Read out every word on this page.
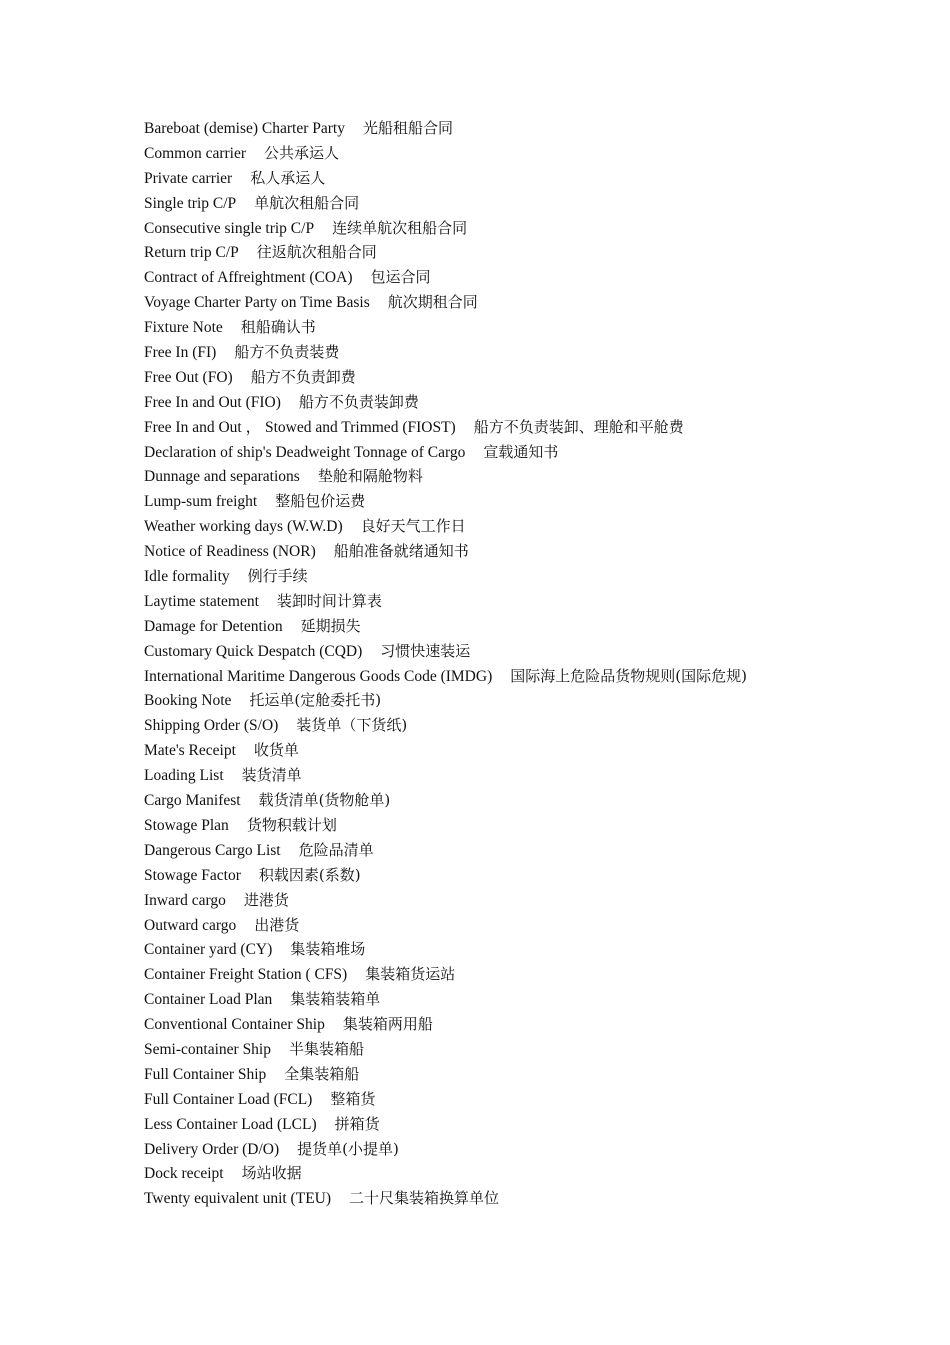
Bareboat (demise) Charter Party 光船租船合同
Common carrier 公共承运人
Private carrier 私人承运人
Single trip C/P 单航次租船合同
Consecutive single trip C/P 连续单航次租船合同
Return trip C/P 往返航次租船合同
Contract of Affreightment (COA) 包运合同
Voyage Charter Party on Time Basis 航次期租合同
Fixture Note 租船确认书
Free In (FI) 船方不负责装费
Free Out (FO) 船方不负责卸费
Free In and Out (FIO) 船方不负责装卸费
Free In and Out ， Stowed and Trimmed (FIOST) 船方不负责装卸、理舱和平舱费
Declaration of ship's Deadweight Tonnage of Cargo 宣载通知书
Dunnage and separations 垫舱和隔舱物料
Lump-sum freight 整船包价运费
Weather working days (W.W.D) 良好天气工作日
Notice of Readiness (NOR) 船舶准备就绪通知书
Idle formality 例行手续
Laytime statement 装卸时间计算表
Damage for Detention 延期损失
Customary Quick Despatch (CQD) 习惯快速装运
International Maritime Dangerous Goods Code (IMDG) 国际海上危险品货物规则(国际危规)
Booking Note 托运单(定舱委托书)
Shipping Order (S/O) 装货单（下货纸)
Mate's Receipt 收货单
Loading List 装货清单
Cargo Manifest 载货清单(货物舱单)
Stowage Plan 货物积载计划
Dangerous Cargo List 危险品清单
Stowage Factor 积载因素(系数)
Inward cargo 进港货
Outward cargo 出港货
Container yard (CY) 集装箱堆场
Container Freight Station ( CFS) 集装箱货运站
Container Load Plan 集装箱装箱单
Conventional Container Ship 集装箱两用船
Semi-container Ship 半集装箱船
Full Container Ship 全集装箱船
Full Container Load (FCL) 整箱货
Less Container Load (LCL) 拼箱货
Delivery Order (D/O) 提货单(小提单)
Dock receipt 场站收据
Twenty equivalent unit (TEU) 二十尺集装箱换算单位
